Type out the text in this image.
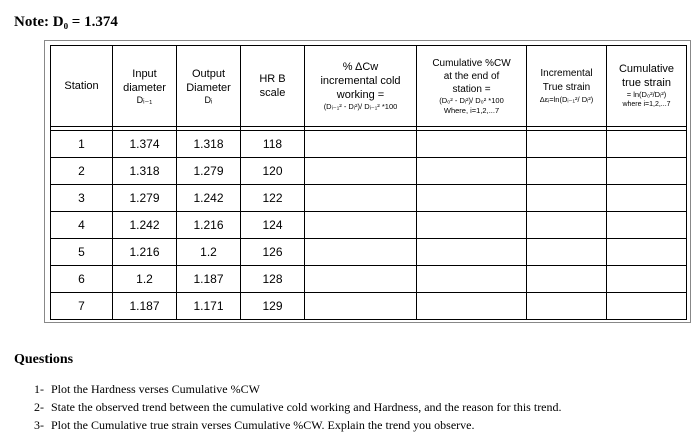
Note: D₀ = 1.374
Station	Input
diameter
Dᵢ₋₁	Output
Diameter
Dᵢ	HR B
scale	% ΔCw
incremental cold
working =
(Dᵢ₋₁² - Dᵢ²)/ Dᵢ₋₁² *100	Cumulative %CW
at the end of
station =
(D₀² - Dᵢ²)/ D₀² *100
Where, i=1,2,...7	Incremental
True strain
Δεᵢ=ln(Dᵢ₋₁²/ Dᵢ²)	Cumulative
true strain
= ln(D₀²/Dᵢ²)
where i=1,2,...7

1	1.374	1.318	118				
2	1.318	1.279	120				
3	1.279	1.242	122				
4	1.242	1.216	124				
5	1.216	1.2	126				
6	1.2	1.187	128				
7	1.187	1.171	129				
Questions
1- Plot the Hardness verses Cumulative %CW
2- State the observed trend between the cumulative cold working and Hardness, and the reason for this trend.
3- Plot the Cumulative true strain verses Cumulative %CW. Explain the trend you observe.
